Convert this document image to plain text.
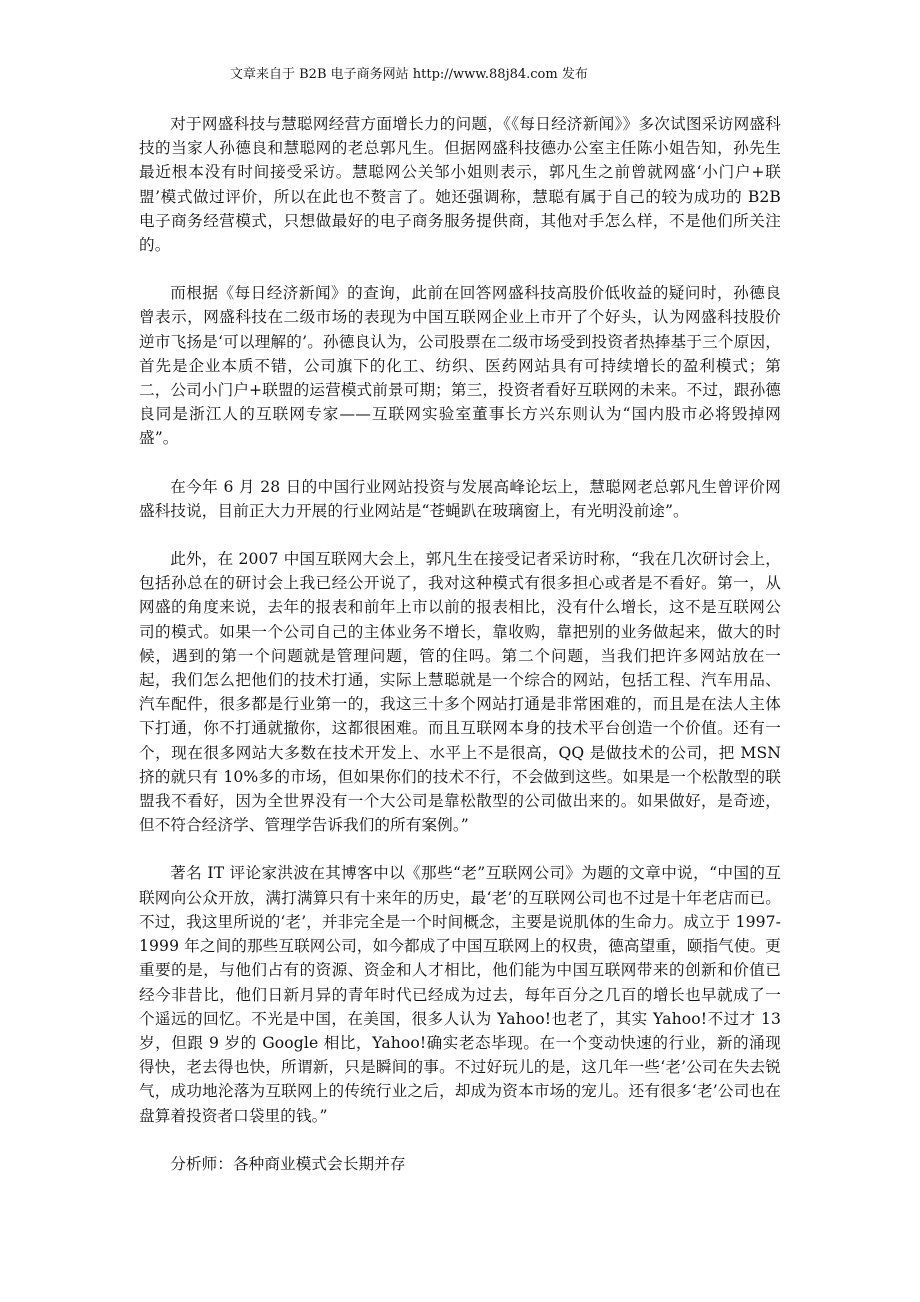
文章来自于 B2B 电子商务网站 http://www.88j84.com 发布

对于网盛科技与慧聪网经营方面增长力的问题，《《每日经济新闻》》多次试图采访网盛科技的当家人孙德良和慧聪网的老总郭凡生。但据网盛科技德办公室主任陈小姐告知，孙先生最近根本没有时间接受采访。慧聪网公关邹小姐则表示，郭凡生之前曾就网盛‘小门户+联盟’模式做过评价，所以在此也不赘言了。她还强调称，慧聪有属于自己的较为成功的 B2B 电子商务经营模式，只想做最好的电子商务服务提供商，其他对手怎么样，不是他们所关注的。

而根据《每日经济新闻》的查询，此前在回答网盛科技高股价低收益的疑问时，孙德良曾表示，网盛科技在二级市场的表现为中国互联网企业上市开了个好头，认为网盛科技股价逆市飞扬是‘可以理解的’。孙德良认为，公司股票在二级市场受到投资者热捧基于三个原因，首先是企业本质不错，公司旗下的化工、纺织、医药网站具有可持续增长的盈利模式；第二，公司小门户+联盟的运营模式前景可期；第三，投资者看好互联网的未来。不过，跟孙德良同是浙江人的互联网专家——互联网实验室董事长方兴东则认为“国内股市必将毁掉网盛”。

在今年 6 月 28 日的中国行业网站投资与发展高峰论坛上，慧聪网老总郭凡生曾评价网盛科技说，目前正大力开展的行业网站是“苍蝇趴在玻璃窗上，有光明没前途”。

此外，在 2007 中国互联网大会上，郭凡生在接受记者采访时称，“我在几次研讨会上，包括孙总在的研讨会上我已经公开说了，我对这种模式有很多担心或者是不看好。第一，从网盛的角度来说，去年的报表和前年上市以前的报表相比，没有什么增长，这不是互联网公司的模式。如果一个公司自己的主体业务不增长，靠收购，靠把别的业务做起来，做大的时候，遇到的第一个问题就是管理问题，管的住吗。第二个问题，当我们把许多网站放在一起，我们怎么把他们的技术打通，实际上慧聪就是一个综合的网站，包括工程、汽车用品、汽车配件，很多都是行业第一的，我这三十多个网站打通是非常困难的，而且是在法人主体下打通，你不打通就撤你，这都很困难。而且互联网本身的技术平台创造一个价值。还有一个，现在很多网站大多数在技术开发上、水平上不是很高，QQ 是做技术的公司，把 MSN 挤的就只有 10%多的市场，但如果你们的技术不行，不会做到这些。如果是一个松散型的联盟我不看好，因为全世界没有一个大公司是靠松散型的公司做出来的。如果做好，是奇迹，但不符合经济学、管理学告诉我们的所有案例。”

著名 IT 评论家洪波在其博客中以《那些“老”互联网公司》为题的文章中说，“中国的互联网向公众开放，满打满算只有十来年的历史，最‘老’的互联网公司也不过是十年老店而已。不过，我这里所说的‘老’，并非完全是一个时间概念，主要是说肌体的生命力。成立于 1997-1999 年之间的那些互联网公司，如今都成了中国互联网上的权贵，德高望重，颐指气使。更重要的是，与他们占有的资源、资金和人才相比，他们能为中国互联网带来的创新和价值已经今非昔比，他们日新月异的青年时代已经成为过去，每年百分之几百的增长也早就成了一个遥远的回忆。不光是中国，在美国，很多人认为 Yahoo!也老了，其实 Yahoo!不过才 13 岁，但跟 9 岁的 Google 相比，Yahoo!确实老态毕现。在一个变动快速的行业，新的涌现得快，老去得也快，所谓新，只是瞬间的事。不过好玩儿的是，这几年一些‘老’公司在失去锐气，成功地沦落为互联网上的传统行业之后，却成为资本市场的宠儿。还有很多‘老’公司也在盘算着投资者口袋里的钱。”

分析师：各种商业模式会长期并存
